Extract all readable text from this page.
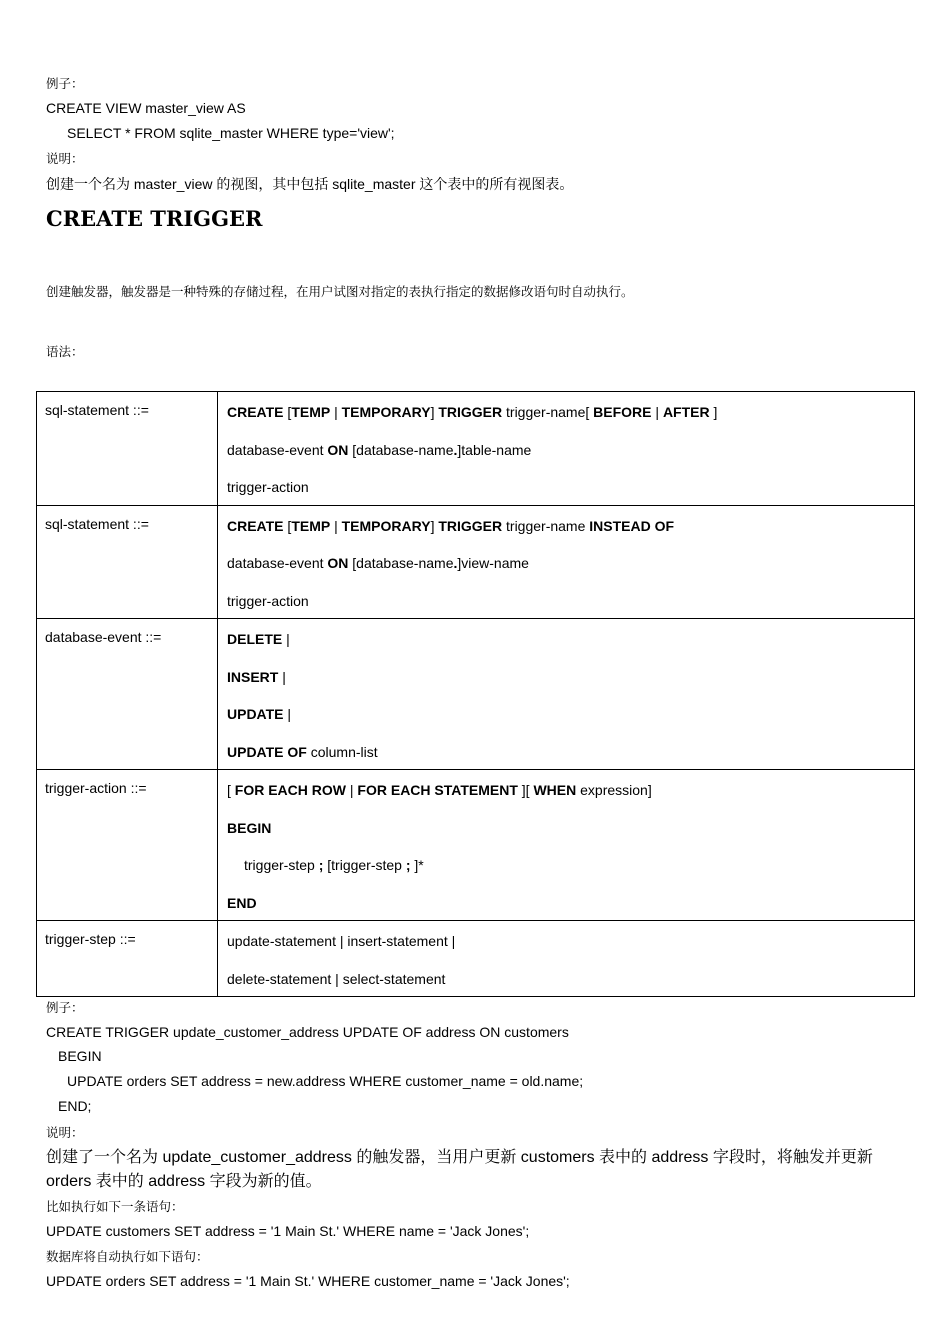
例子：
CREATE VIEW master_view AS
SELECT * FROM sqlite_master WHERE type='view';
说明：
创建一个名为 master_view 的视图，其中包括 sqlite_master 这个表中的所有视图表。
CREATE TRIGGER
创建触发器，触发器是一种特殊的存储过程，在用户试图对指定的表执行指定的数据修改语句时自动执行。
语法：
sql-statement ::=	CREATE [TEMP | TEMPORARY] TRIGGER trigger-name[ BEFORE | AFTER ]
database-event ON [database-name.]table-name
trigger-action

sql-statement ::=	CREATE [TEMP | TEMPORARY] TRIGGER trigger-name INSTEAD OF
database-event ON [database-name.]view-name
trigger-action

database-event ::=	DELETE |
INSERT |
UPDATE |
UPDATE OF column-list

trigger-action ::=	[ FOR EACH ROW | FOR EACH STATEMENT ][ WHEN expression]
BEGIN
trigger-step ; [trigger-step ; ]*
END

trigger-step ::=	update-statement | insert-statement |
delete-statement | select-statement
例子：
CREATE TRIGGER update_customer_address UPDATE OF address ON customers
BEGIN
UPDATE orders SET address = new.address WHERE customer_name = old.name;
END;
说明：
创建了一个名为 update_customer_address 的触发器，当用户更新 customers 表中的 address 字段时，将触发并更新 orders 表中的 address 字段为新的值。
比如执行如下一条语句：
UPDATE customers SET address = '1 Main St.' WHERE name = 'Jack Jones';
数据库将自动执行如下语句：
UPDATE orders SET address = '1 Main St.' WHERE customer_name = 'Jack Jones';
